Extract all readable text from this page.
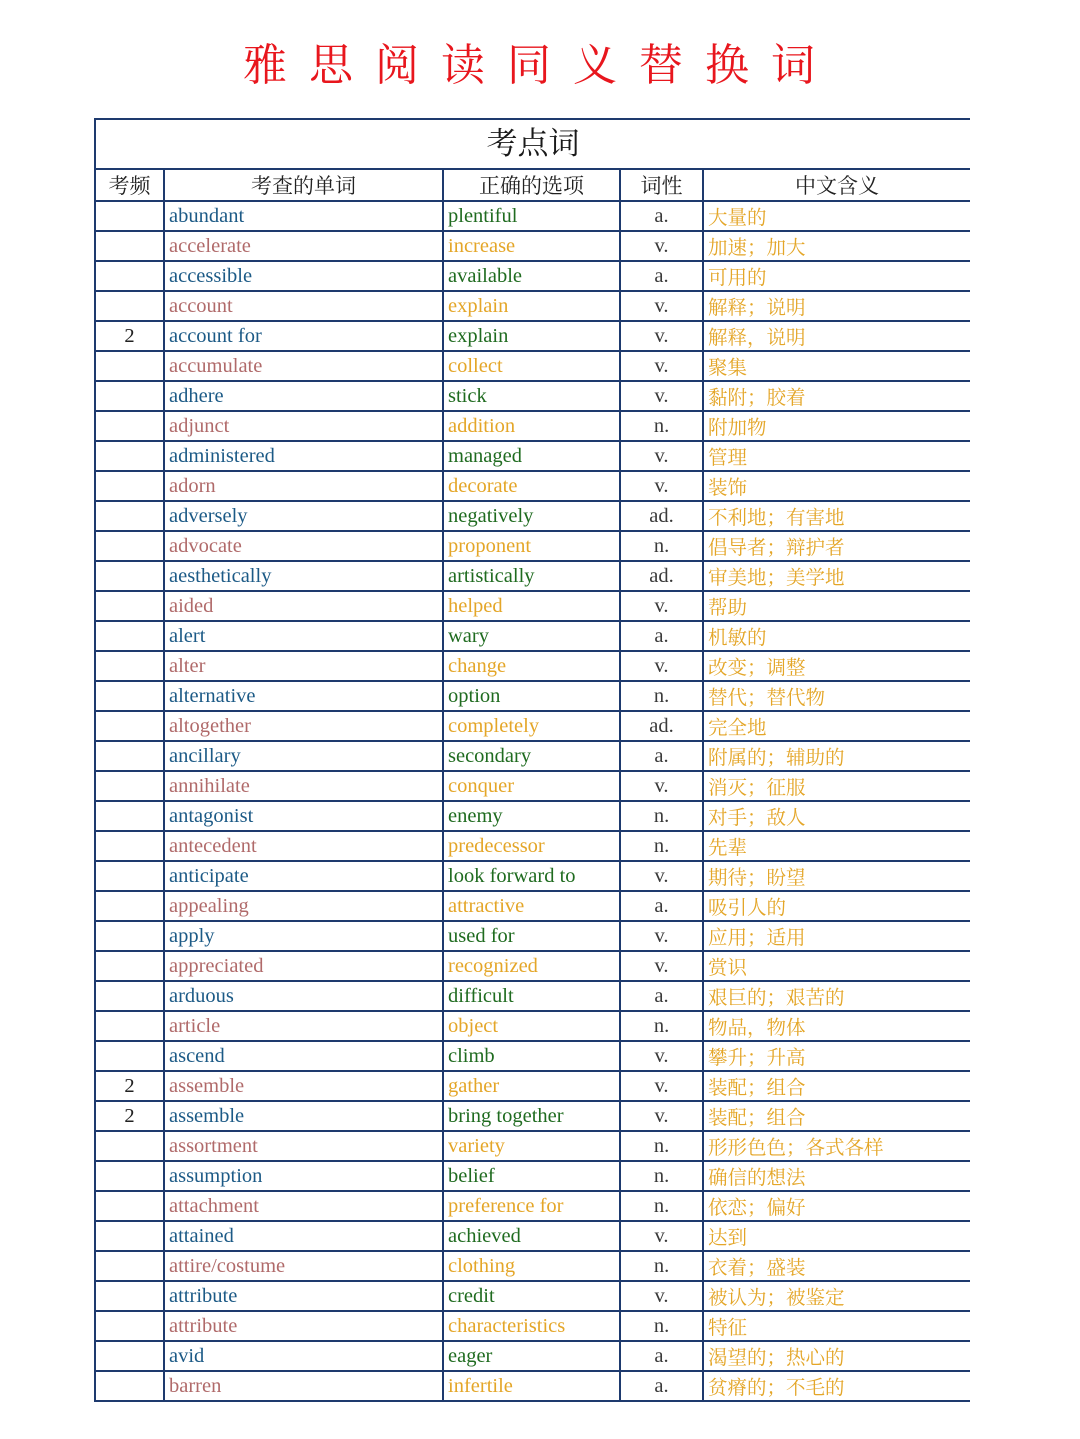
雅思阅读同义替换词
考点词
考频	考查的单词	正确的选项	词性	中文含义
	abundant	plentiful	a.	大量的
	accelerate	increase	v.	加速；加大
	accessible	available	a.	可用的
	account	explain	v.	解释；说明
2	account for	explain	v.	解释，说明
	accumulate	collect	v.	聚集
	adhere	stick	v.	黏附；胶着
	adjunct	addition	n.	附加物
	administered	managed	v.	管理
	adorn	decorate	v.	装饰
	adversely	negatively	ad.	不利地；有害地
	advocate	proponent	n.	倡导者；辩护者
	aesthetically	artistically	ad.	审美地；美学地
	aided	helped	v.	帮助
	alert	wary	a.	机敏的
	alter	change	v.	改变；调整
	alternative	option	n.	替代；替代物
	altogether	completely	ad.	完全地
	ancillary	secondary	a.	附属的；辅助的
	annihilate	conquer	v.	消灭；征服
	antagonist	enemy	n.	对手；敌人
	antecedent	predecessor	n.	先辈
	anticipate	look forward to	v.	期待；盼望
	appealing	attractive	a.	吸引人的
	apply	used for	v.	应用；适用
	appreciated	recognized	v.	赏识
	arduous	difficult	a.	艰巨的；艰苦的
	article	object	n.	物品，物体
	ascend	climb	v.	攀升；升高
2	assemble	gather	v.	装配；组合
2	assemble	bring together	v.	装配；组合
	assortment	variety	n.	形形色色；各式各样
	assumption	belief	n.	确信的想法
	attachment	preference for	n.	依恋；偏好
	attained	achieved	v.	达到
	attire/costume	clothing	n.	衣着；盛装
	attribute	credit	v.	被认为；被鉴定
	attribute	characteristics	n.	特征
	avid	eager	a.	渴望的；热心的
	barren	infertile	a.	贫瘠的；不毛的
